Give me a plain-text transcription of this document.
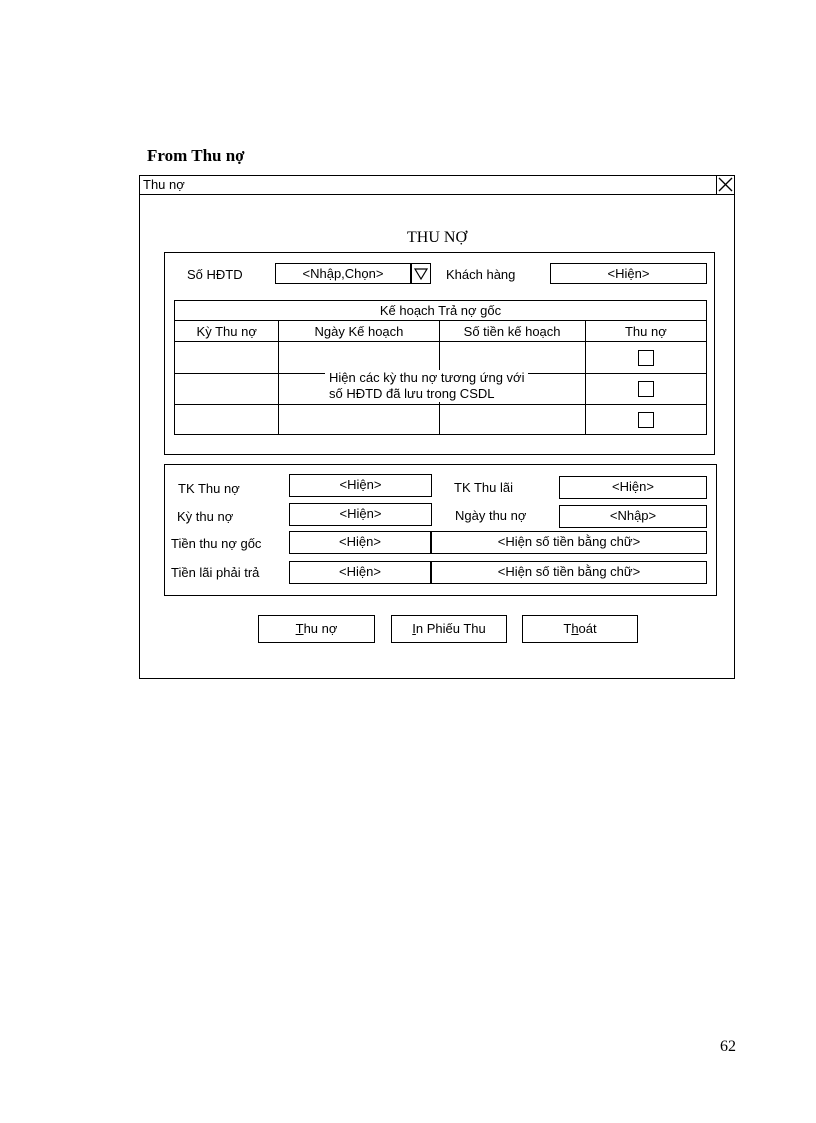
From Thu nợ
Thu nợ
THU NỢ
Số HĐTD	<Nhập,Chọn>	Khách hàng	<Hiện>
Kế hoạch Trả nợ gốc			
Kỳ Thu nợ	Ngày Kế hoạch	Số tiền kế hoạch	Thu nợ

Hiện các kỳ thu nợ tương ứng với
số HĐTD đã lưu trong CSDL
TK Thu nợ	<Hiện>	TK Thu lãi	<Hiện>
Kỳ thu nợ	<Hiện>	Ngày thu nợ	<Nhập>
Tiền thu nợ gốc	<Hiện>	<Hiện số tiền bằng chữ>
Tiền lãi phải trả	<Hiện>	<Hiện số tiền bằng chữ>
Thu nợ	In Phiếu Thu	Thoát
62
